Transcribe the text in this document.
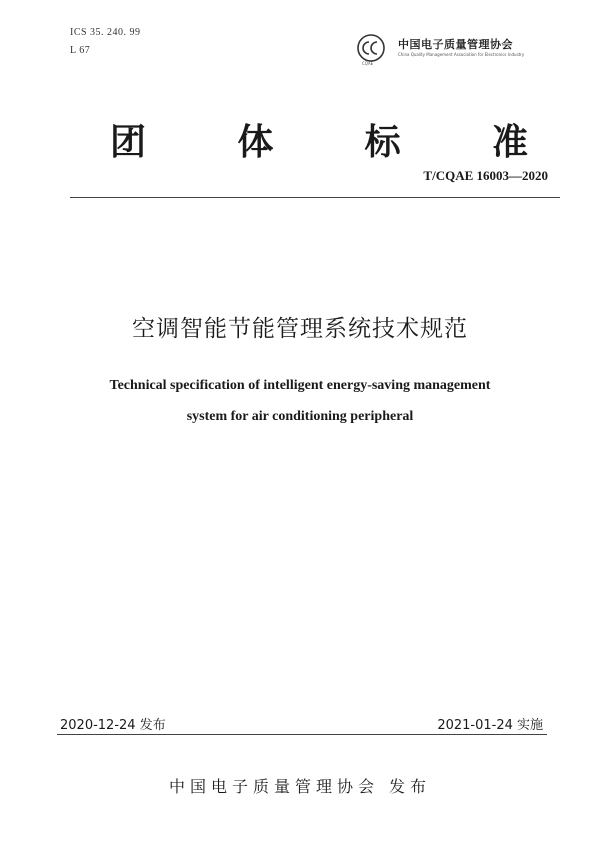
ICS 35. 240. 99
L 67	中国电子质量管理协会
China Quality Management Association for Electronics Industry
CQAE
团 体 标 准
T/CQAE 16003—2020
空调智能节能管理系统技术规范
Technical specification of intelligent energy-saving management
system for air conditioning peripheral
2020-12-24 发布	2021-01-24 实施
中国电子质量管理协会 发布
